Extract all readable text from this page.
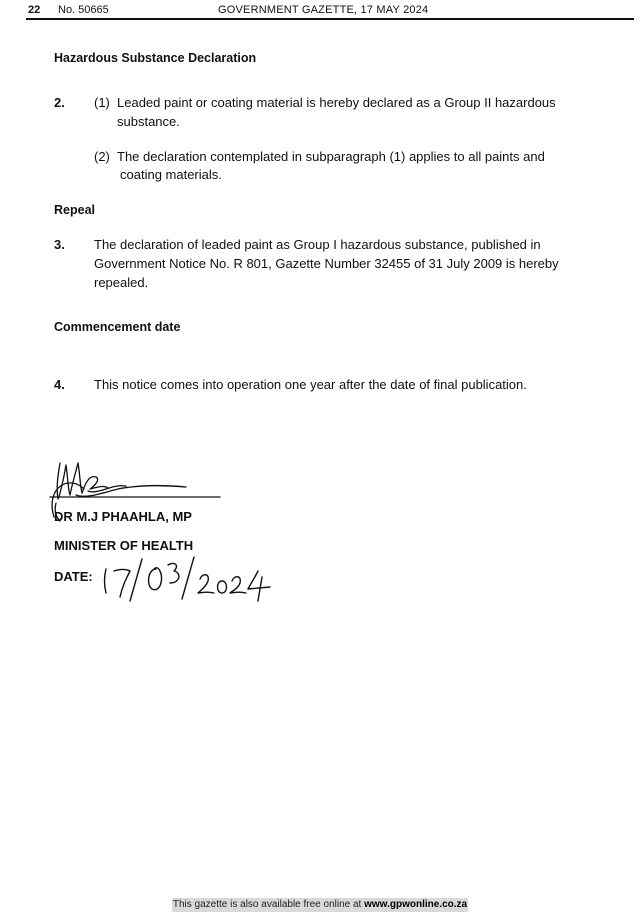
22 No. 50665	GOVERNMENT GAZETTE, 17 MAY 2024
Hazardous Substance Declaration
2. (1) Leaded paint or coating material is hereby declared as a Group II hazardous
substance.
(2) The declaration contemplated in subparagraph (1) applies to all paints and
coating materials.
Repeal
3. The declaration of leaded paint as Group I hazardous substance, published in
Government Notice No. R 801, Gazette Number 32455 of 31 July 2009 is hereby
repealed.
Commencement date
4. This notice comes into operation one year after the date of final publication.
DR M.J PHAAHLA, MP
MINISTER OF HEALTH
DATE:
This gazette is also available free online at www.gpwonline.co.za
